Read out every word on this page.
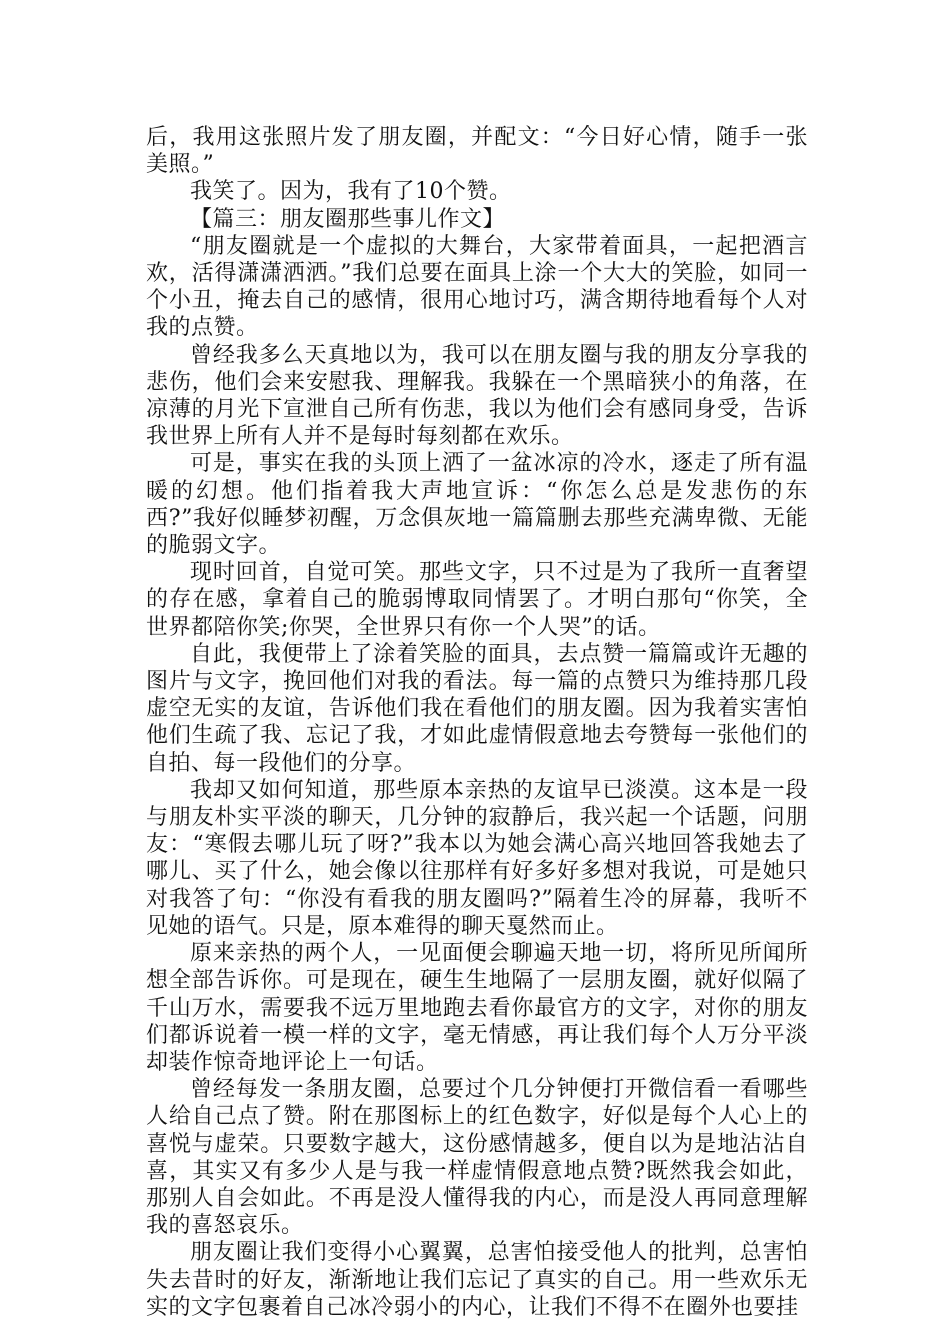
后，我用这张照片发了朋友圈，并配文：“今日好心情，随手一张美照。”

我笑了。因为，我有了10个赞。

【篇三：朋友圈那些事儿作文】

“朋友圈就是一个虚拟的大舞台，大家带着面具，一起把酒言欢，活得潇潇洒洒。”我们总要在面具上涂一个大大的笑脸，如同一个小丑，掩去自己的感情，很用心地讨巧，满含期待地看每个人对我的点赞。

曾经我多么天真地以为，我可以在朋友圈与我的朋友分享我的悲伤，他们会来安慰我、理解我。我躲在一个黑暗狭小的角落，在凉薄的月光下宣泄自己所有伤悲，我以为他们会有感同身受，告诉我世界上所有人并不是每时每刻都在欢乐。

可是，事实在我的头顶上洒了一盆冰凉的冷水，逐走了所有温暖的幻想。他们指着我大声地宣诉：“你怎么总是发悲伤的东西?”我好似睡梦初醒，万念俱灰地一篇篇删去那些充满卑微、无能的脆弱文字。

现时回首，自觉可笑。那些文字，只不过是为了我所一直奢望的存在感，拿着自己的脆弱博取同情罢了。才明白那句“你笑，全世界都陪你笑;你哭，全世界只有你一个人哭”的话。

自此，我便带上了涂着笑脸的面具，去点赞一篇篇或许无趣的图片与文字，挽回他们对我的看法。每一篇的点赞只为维持那几段虚空无实的友谊，告诉他们我在看他们的朋友圈。因为我着实害怕他们生疏了我、忘记了我，才如此虚情假意地去夸赞每一张他们的自拍、每一段他们的分享。

我却又如何知道，那些原本亲热的友谊早已淡漠。这本是一段与朋友朴实平淡的聊天，几分钟的寂静后，我兴起一个话题，问朋友：“寒假去哪儿玩了呀?”我本以为她会满心高兴地回答我她去了哪儿、买了什么，她会像以往那样有好多好多想对我说，可是她只对我答了句：“你没有看我的朋友圈吗?”隔着生冷的屏幕，我听不见她的语气。只是，原本难得的聊天戛然而止。

原来亲热的两个人，一见面便会聊遍天地一切，将所见所闻所想全部告诉你。可是现在，硬生生地隔了一层朋友圈，就好似隔了千山万水，需要我不远万里地跑去看你最官方的文字，对你的朋友们都诉说着一模一样的文字，毫无情感，再让我们每个人万分平淡却装作惊奇地评论上一句话。

曾经每发一条朋友圈，总要过个几分钟便打开微信看一看哪些人给自己点了赞。附在那图标上的红色数字，好似是每个人心上的喜悦与虚荣。只要数字越大，这份感情越多，便自以为是地沾沾自喜，其实又有多少人是与我一样虚情假意地点赞?既然我会如此，那别人自会如此。不再是没人懂得我的内心，而是没人再同意理解我的喜怒哀乐。

朋友圈让我们变得小心翼翼，总害怕接受他人的批判，总害怕失去昔时的好友，渐渐地让我们忘记了真实的自己。用一些欢乐无实的文字包裹着自己冰冷弱小的内心，让我们不得不在圈外也要挂
